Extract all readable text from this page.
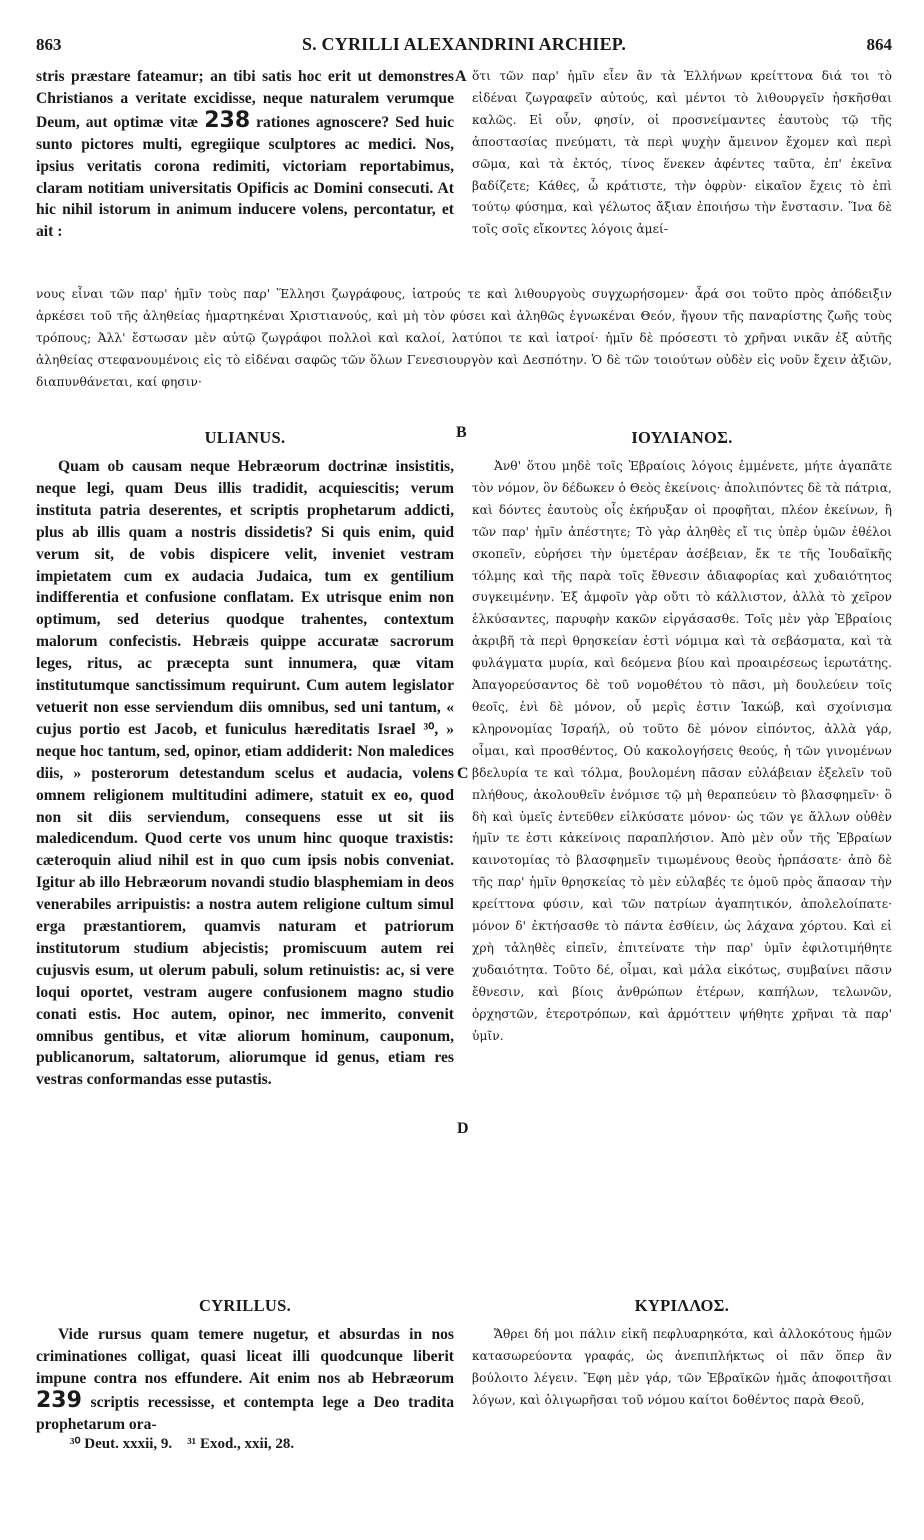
863	S. CYRILLI ALEXANDRINI ARCHIEP.	864

stris præstare fateamur; an tibi satis hoc erit ut demonstres Christianos a veritate excidisse, neque naturalem verumque Deum, aut optimæ vitæ 238 rationes agnoscere? Sed huic sunto pictores multi, egregiique sculptores ac medici. Nos, ipsius veritatis corona redimiti, victoriam reportabimus, claram notitiam universitatis Opificis ac Domini consecuti. At hic nihil istorum in animum inducere volens, percontatur, et ait :

A ὅτι τῶν παρ' ἡμῖν εἶεν ἂν τὰ Ἑλλήνων κρείττονα διά τοι τὸ εἰδέναι ζωγραφεῖν αὐτούς, καὶ μέντοι τὸ λιθουργεῖν ἠσκῆσθαι καλῶς. Εἰ οὖν, φησίν, οἱ προσνείμαντες ἑαυτοὺς τῷ τῆς ἀποστασίας πνεύματι, τὰ περὶ ψυχὴν ἄμεινον ἔχομεν καὶ περὶ σῶμα, καὶ τὰ ἐκτός, τίνος ἕνεκεν ἀφέντες ταῦτα, ἐπ' ἐκεῖνα βαδίζετε; Κάθες, ὦ κράτιστε, τὴν ὀφρὺν· εἰκαῖον ἔχεις τὸ ἐπὶ τούτῳ φύσημα, καὶ γέλωτος ἄξιαν ἐποιήσω τὴν ἔνστασιν. Ἵνα δὲ τοῖς σοῖς εἴκοντες λόγοις ἀμεί-

νους εἶναι τῶν παρ' ἡμῖν τοὺς παρ' Ἕλλησι ζωγράφους, ἰατρούς τε καὶ λιθουργοὺς συγχωρήσομεν· ἆρά σοι τοῦτο πρὸς ἀπόδειξιν ἀρκέσει τοῦ τῆς ἀληθείας ἡμαρτηκέναι Χριστιανούς, καὶ μὴ τὸν φύσει καὶ ἀληθῶς ἐγνωκέναι Θεόν, ἤγουν τῆς παναρίστης ζωῆς τοὺς τρόπους; Ἀλλ' ἔστωσαν μὲν αὐτῷ ζωγράφοι πολλοὶ καὶ καλοί, λατύποι τε καὶ ἰατροί· ἡμῖν δὲ πρόσεστι τὸ χρῆναι νικᾶν ἐξ αὐτῆς ἀληθείας στεφανουμένοις εἰς τὸ εἰδέναι σαφῶς τῶν ὅλων Γενεσιουργὸν καὶ Δεσπότην. Ὁ δὲ τῶν τοιούτων οὐδὲν εἰς νοῦν ἔχειν ἀξιῶν, διαπυνθάνεται, καί φησιν·

ULIANUS.	B	ΙΟΥΛΙΑΝΟΣ.

Quam ob causam neque Hebræorum doctrinæ insistitis, neque legi, quam Deus illis tradidit, acquiescitis; verum instituta patria deserentes, et scriptis prophetarum addicti, plus ab illis quam a nostris dissidetis? Si quis enim, quid verum sit, de vobis dispicere velit, inveniet vestram impietatem cum ex audacia Judaica, tum ex gentilium indifferentia et confusione conflatam. Ex utrisque enim non optimum, sed deterius quodque trahentes, contextum malorum confecistis. Hebræis quippe accuratæ sacrorum leges, ritus, ac præcepta sunt innumera, quæ vitam institutumque sanctissimum requirunt. Cum autem legislator vetuerit non esse serviendum diis omnibus, sed uni tantum, « cujus portio est Jacob, et funiculus hæreditatis Israel ³⁰, » neque hoc tantum, sed, opinor, etiam addiderit: Non maledices diis, » posterorum detestandum scelus et audacia, volens omnem religionem multitudini adimere, statuit ex eo, quod non sit diis serviendum, consequens esse ut sit iis maledicendum. Quod certe vos unum hinc quoque traxistis: cæteroquin aliud nihil est in quo cum ipsis nobis conveniat. Igitur ab illo Hebræorum novandi studio blasphemiam in deos venerabiles arripuistis: a nostra autem religione cultum simul erga præstantiorem, quamvis naturam et patriorum institutorum studium abjecistis; promiscuum autem rei cujusvis esum, ut olerum pabuli, solum retinuistis: ac, si vere loqui oportet, vestram augere confusionem magno studio conati estis. Hoc autem, opinor, nec immerito, convenit omnibus gentibus, et vitæ aliorum hominum, cauponum, publicanorum, saltatorum, aliorumque id genus, etiam res vestras conformandas esse putastis.

C
D

Ἀνθ' ὅτου μηδὲ τοῖς Ἑβραίοις λόγοις ἐμμένετε, μήτε ἀγαπᾶτε τὸν νόμον, ὃν δέδωκεν ὁ Θεὸς ἐκείνοις· ἀπολιπόντες δὲ τὰ πάτρια, καὶ δόντες ἑαυτοὺς οἷς ἐκήρυξαν οἱ προφῆται, πλέον ἐκείνων, ἢ τῶν παρ' ἡμῖν ἀπέστητε; Τὸ γὰρ ἀληθὲς εἴ τις ὑπὲρ ὑμῶν ἐθέλοι σκοπεῖν, εὑρήσει τὴν ὑμετέραν ἀσέβειαν, ἔκ τε τῆς Ἰουδαϊκῆς τόλμης καὶ τῆς παρὰ τοῖς ἔθνεσιν ἀδιαφορίας καὶ χυδαιότητος συγκειμένην. Ἐξ ἀμφοῖν γὰρ οὔτι τὸ κάλλιστον, ἀλλὰ τὸ χεῖρον ἑλκύσαντες, παρυφὴν κακῶν εἰργάσασθε. Τοῖς μὲν γὰρ Ἑβραίοις ἀκριβῆ τὰ περὶ θρησκείαν ἐστὶ νόμιμα καὶ τὰ σεβάσματα, καὶ τὰ φυλάγματα μυρία, καὶ δεόμενα βίου καὶ προαιρέσεως ἱερωτάτης. Ἀπαγορεύσαντος δὲ τοῦ νομοθέτου τὸ πᾶσι, μὴ δουλεύειν τοῖς θεοῖς, ἑνὶ δὲ μόνον, οὗ μερὶς ἐστιν Ἰακώβ, καὶ σχοίνισμα κληρονομίας Ἰσραήλ, οὐ τοῦτο δὲ μόνον εἰπόντος, ἀλλὰ γάρ, οἶμαι, καὶ προσθέντος, Οὐ κακολογήσεις θεούς, ἡ τῶν γινομένων βδελυρία τε καὶ τόλμα, βουλομένη πᾶσαν εὐλάβειαν ἐξελεῖν τοῦ πλήθους, ἀκολουθεῖν ἐνόμισε τῷ μὴ θεραπεύειν τὸ βλασφημεῖν· ὃ δὴ καὶ ὑμεῖς ἐντεῦθεν εἱλκύσατε μόνον· ὡς τῶν γε ἄλλων οὐθὲν ἡμῖν τε ἐστι κἀκείνοις παραπλήσιον. Ἀπὸ μὲν οὖν τῆς Ἑβραίων καινοτομίας τὸ βλασφημεῖν τιμωμένους θεοὺς ἡρπάσατε· ἀπὸ δὲ τῆς παρ' ἡμῖν θρησκείας τὸ μὲν εὐλαβές τε ὁμοῦ πρὸς ἅπασαν τὴν κρείττονα φύσιν, καὶ τῶν πατρίων ἀγαπητικόν, ἀπολελοίπατε· μόνον δ' ἐκτήσασθε τὸ πάντα ἐσθίειν, ὡς λάχανα χόρτου. Καὶ εἰ χρὴ τἀληθὲς εἰπεῖν, ἐπιτείνατε τὴν παρ' ὑμῖν ἐφιλοτιμήθητε χυδαιότητα. Τοῦτο δέ, οἶμαι, καὶ μάλα εἰκότως, συμβαίνει πᾶσιν ἔθνεσιν, καὶ βίοις ἀνθρώπων ἑτέρων, καπήλων, τελωνῶν, ὀρχηστῶν, ἑτεροτρόπων, καὶ ἁρμόττειν ψήθητε χρῆναι τὰ παρ' ὑμῖν.

CYRILLUS.	ΚΥΡΙΛΛΟΣ.

Vide rursus quam temere nugetur, et absurdas in nos criminationes colligat, quasi liceat illi quodcunque liberit impune contra nos effundere. Ait enim nos ab Hebræorum 239 scriptis recessisse, et contempta lege a Deo tradita prophetarum ora-

Ἄθρει δή μοι πάλιν εἰκῆ πεφλυαρηκότα, καὶ ἀλλοκότους ἡμῶν κατασωρεύοντα γραφάς, ὡς ἀνεπιπλήκτως οἱ πᾶν ὅπερ ἂν βούλοιτο λέγειν. Ἔφη μὲν γάρ, τῶν Ἑβραϊκῶν ἡμᾶς ἀποφοιτῆσαι λόγων, καὶ ὀλιγωρῆσαι τοῦ νόμου καίτοι δοθέντος παρὰ Θεοῦ,

³⁰ Deut. xxxii, 9. ³¹ Exod., xxii, 28.
